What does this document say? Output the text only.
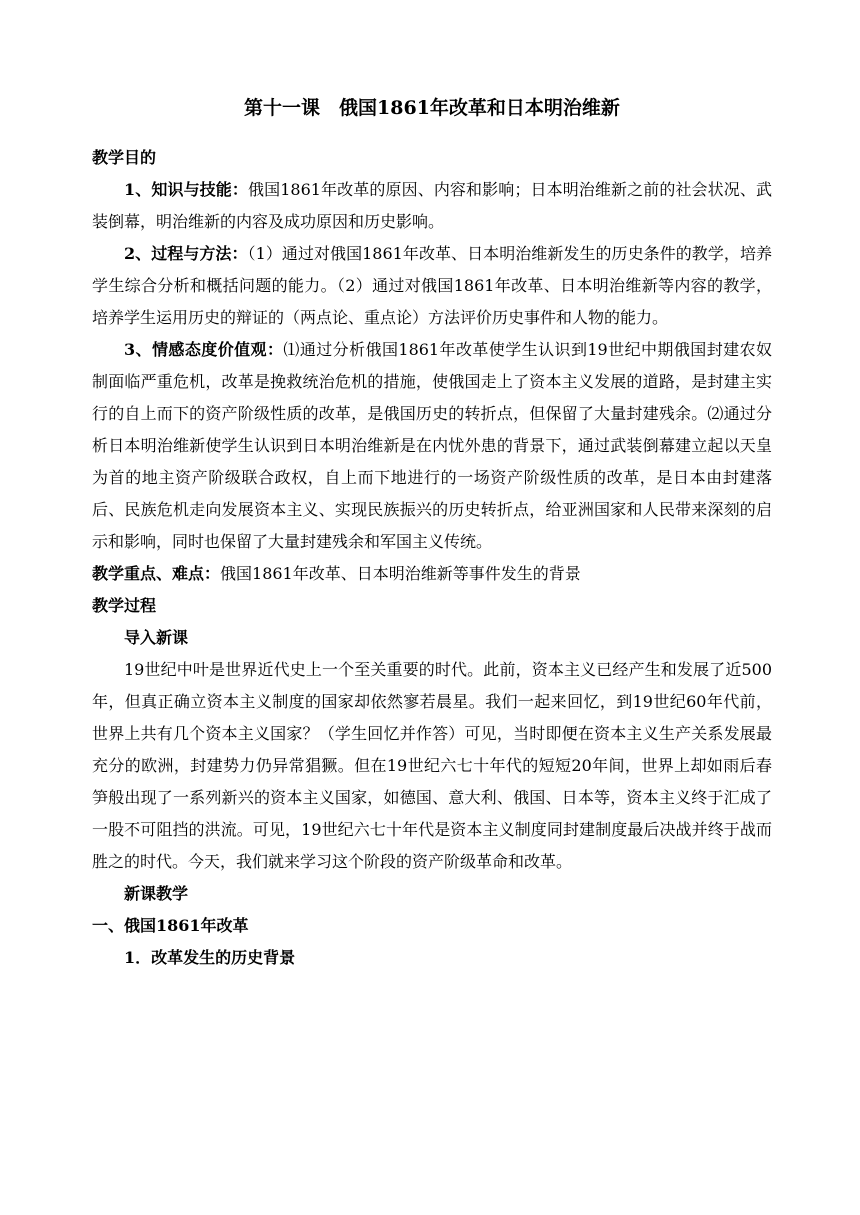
第十一课　俄国1861年改革和日本明治维新

教学目的

1、知识与技能：俄国1861年改革的原因、内容和影响；日本明治维新之前的社会状况、武装倒幕，明治维新的内容及成功原因和历史影响。

2、过程与方法：（1）通过对俄国1861年改革、日本明治维新发生的历史条件的教学，培养学生综合分析和概括问题的能力。（2）通过对俄国1861年改革、日本明治维新等内容的教学，培养学生运用历史的辩证的（两点论、重点论）方法评价历史事件和人物的能力。

3、情感态度价值观：⑴通过分析俄国1861年改革使学生认识到19世纪中期俄国封建农奴制面临严重危机，改革是挽救统治危机的措施，使俄国走上了资本主义发展的道路，是封建主实行的自上而下的资产阶级性质的改革，是俄国历史的转折点，但保留了大量封建残余。⑵通过分析日本明治维新使学生认识到日本明治维新是在内忧外患的背景下，通过武装倒幕建立起以天皇为首的地主资产阶级联合政权，自上而下地进行的一场资产阶级性质的改革，是日本由封建落后、民族危机走向发展资本主义、实现民族振兴的历史转折点，给亚洲国家和人民带来深刻的启示和影响，同时也保留了大量封建残余和军国主义传统。

教学重点、难点：俄国1861年改革、日本明治维新等事件发生的背景

教学过程

导入新课

19世纪中叶是世界近代史上一个至关重要的时代。此前，资本主义已经产生和发展了近500年，但真正确立资本主义制度的国家却依然寥若晨星。我们一起来回忆，到19世纪60年代前，世界上共有几个资本主义国家？（学生回忆并作答）可见，当时即便在资本主义生产关系发展最充分的欧洲，封建势力仍异常猖獗。但在19世纪六七十年代的短短20年间，世界上却如雨后春笋般出现了一系列新兴的资本主义国家，如德国、意大利、俄国、日本等，资本主义终于汇成了一股不可阻挡的洪流。可见，19世纪六七十年代是资本主义制度同封建制度最后决战并终于战而胜之的时代。今天，我们就来学习这个阶段的资产阶级革命和改革。

新课教学

一、俄国1861年改革

1．改革发生的历史背景
